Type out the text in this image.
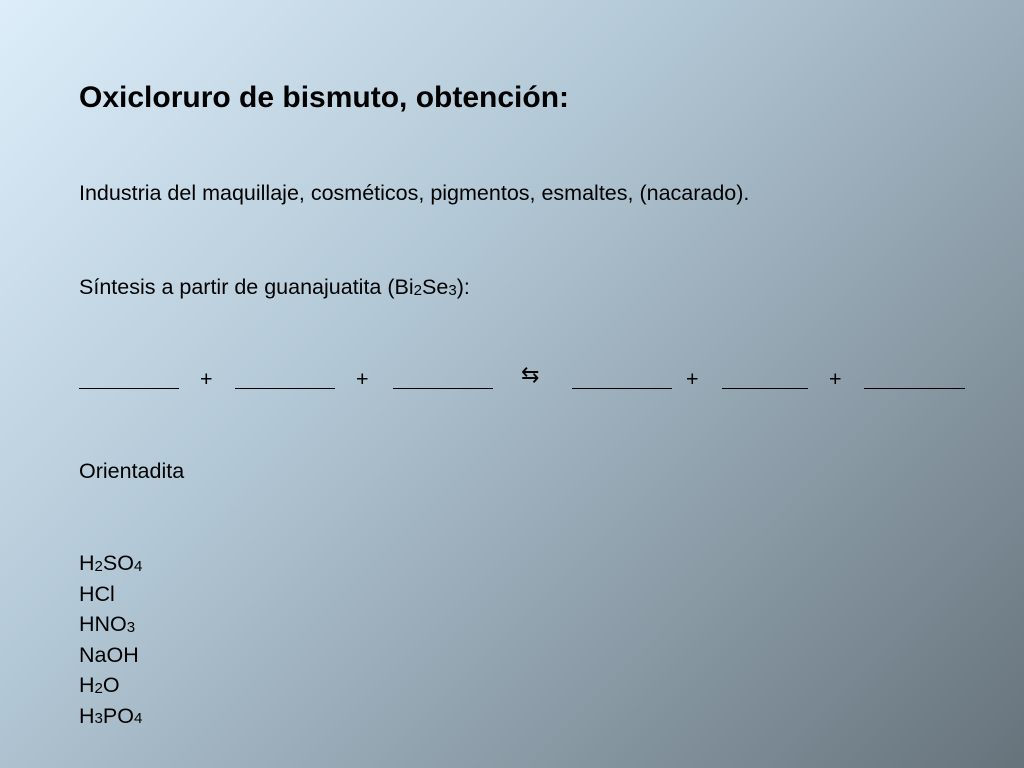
Oxicloruro de bismuto, obtención:
Industria del maquillaje, cosméticos, pigmentos, esmaltes, (nacarado).
Síntesis a partir de guanajuatita $(Bi_2Se_3)$:
+	+	⇆	+	+
Orientadita
$H_2SO_4$
HCl
$HNO_3$
NaOH
$H_2O$
$H_3PO_4$
